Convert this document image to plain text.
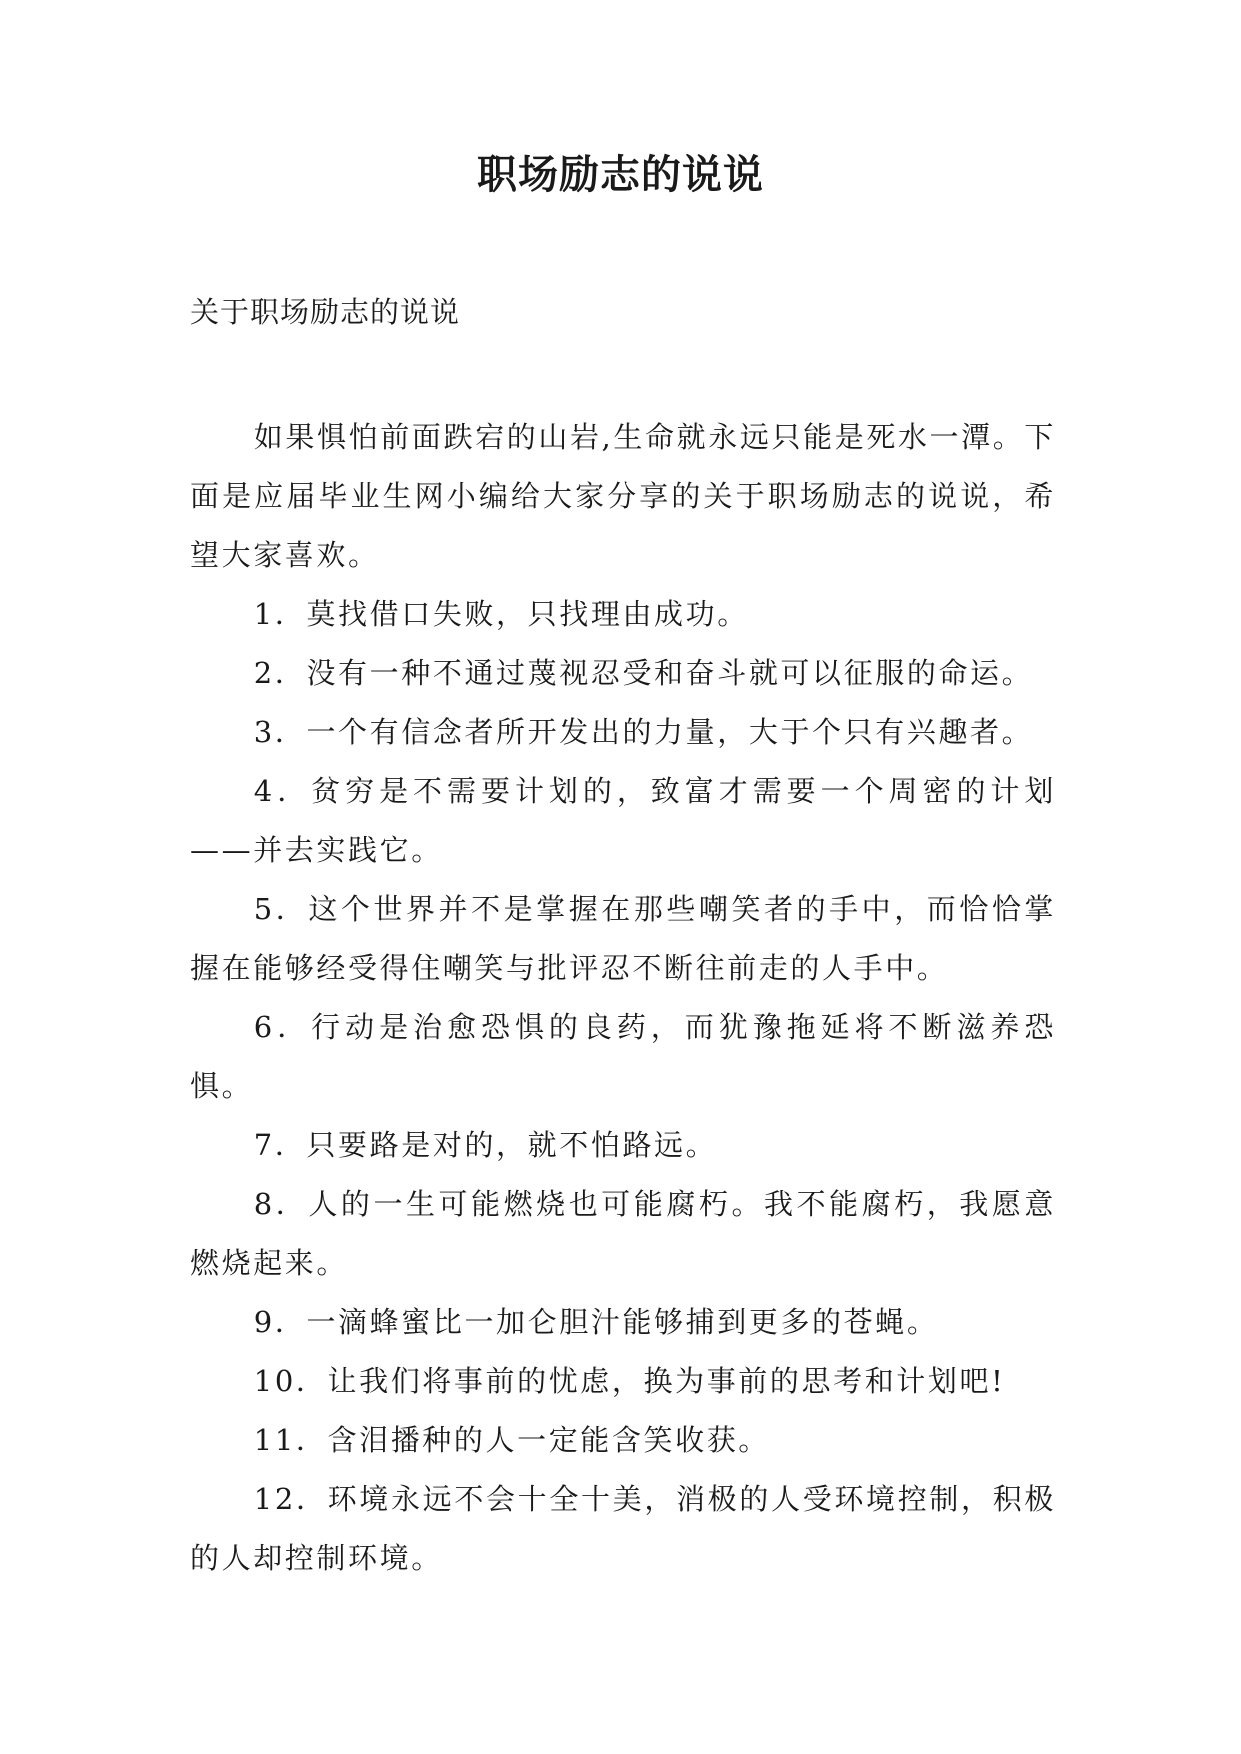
职场励志的说说

关于职场励志的说说

如果惧怕前面跌宕的山岩,生命就永远只能是死水一潭。下面是应届毕业生网小编给大家分享的关于职场励志的说说，希望大家喜欢。

1．莫找借口失败，只找理由成功。

2．没有一种不通过蔑视忍受和奋斗就可以征服的命运。

3．一个有信念者所开发出的力量，大于个只有兴趣者。

4．贫穷是不需要计划的，致富才需要一个周密的计划——并去实践它。

5．这个世界并不是掌握在那些嘲笑者的手中，而恰恰掌握在能够经受得住嘲笑与批评忍不断往前走的人手中。

6．行动是治愈恐惧的良药，而犹豫拖延将不断滋养恐惧。

7．只要路是对的，就不怕路远。

8．人的一生可能燃烧也可能腐朽。我不能腐朽，我愿意燃烧起来。

9．一滴蜂蜜比一加仑胆汁能够捕到更多的苍蝇。

10．让我们将事前的忧虑，换为事前的思考和计划吧!

11．含泪播种的人一定能含笑收获。

12．环境永远不会十全十美，消极的人受环境控制，积极的人却控制环境。
